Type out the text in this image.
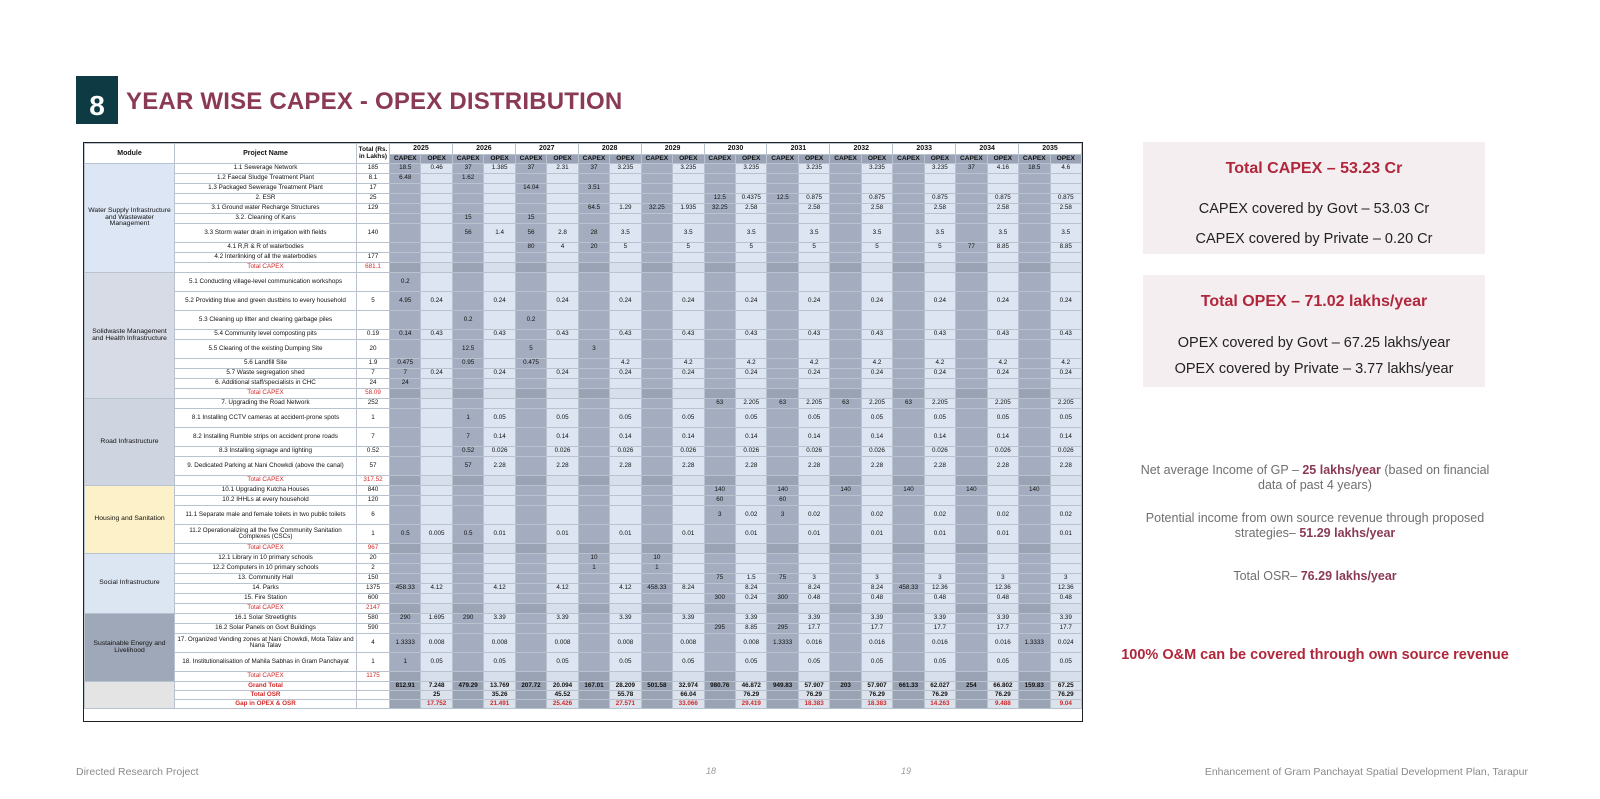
8 YEAR WISE CAPEX - OPEX DISTRIBUTION
Module	Project Name	Total (Rs. in Lakhs)	2025		2026		2027		2028		2029		2030		2031		2032		2033		2034		2035	
			CAPEX	OPEX	CAPEX	OPEX	CAPEX	OPEX	CAPEX	OPEX	CAPEX	OPEX	CAPEX	OPEX	CAPEX	OPEX	CAPEX	OPEX	CAPEX	OPEX	CAPEX	OPEX	CAPEX	OPEX
Water Supply Infrastructure and Wastewater Management	1.1 Sewerage Network	185	18.5	0.46	37	1.385	37	2.31	37	3.235		3.235		3.235		3.235		3.235		3.235	37	4.16	18.5	4.6
	1.2 Faecal Sludge Treatment Plant	8.1	6.48		1.62																			
	1.3 Packaged Sewerage Treatment Plant	17					14.04		3.51															
	2. ESR	25											12.5	0.4375	12.5	0.875		0.875		0.875		0.875		0.875
	3.1 Ground water Recharge Structures	129							64.5	1.29	32.25	1.935	32.25	2.58		2.58		2.58		2.58		2.58		2.58
	3.2. Cleaning of Kans				15		15																	
	3.3 Storm water drain in irrigation with fields	140			56	1.4	56	2.8	28	3.5		3.5		3.5		3.5		3.5		3.5		3.5		3.5
	4.1 R,R & R of waterbodies						80	4	20	5		5		5		5		5		5	77	8.85		8.85
	4.2 Interlinking of all the waterbodies	177																						
	Total CAPEX	681.1																						
Solidwaste Management and Health Infrastructure	5.1 Conducting village-level communication workshops		0.2																					
	5.2 Providing blue and green dustbins to every household	5	4.95	0.24		0.24		0.24		0.24		0.24		0.24		0.24		0.24		0.24		0.24		0.24
	5.3 Cleaning up litter and clearing garbage piles				0.2		0.2																	
	5.4 Community level composting pits	0.19	0.14	0.43		0.43		0.43		0.43		0.43		0.43		0.43		0.43		0.43		0.43		0.43
	5.5 Clearing of the existing Dumping Site	20			12.5		5		3															
	5.6 Landfill Site	1.9	0.475		0.95		0.475			4.2		4.2		4.2		4.2		4.2		4.2		4.2		4.2
	5.7 Waste segregation shed	7	7	0.24		0.24		0.24		0.24		0.24		0.24		0.24		0.24		0.24		0.24		0.24
	6. Additional staff/specialists in CHC	24	24																					
	Total CAPEX	58.09																						
Road Infrastructure	7. Upgrading the Road Network	252											63	2.205	63	2.205	63	2.205	63	2.205		2.205		2.205
	8.1 Installing CCTV cameras at accident-prone spots	1			1	0.05		0.05		0.05		0.05		0.05		0.05		0.05		0.05		0.05		0.05
	8.2 Installing Rumble strips on accident prone roads	7			7	0.14		0.14		0.14		0.14		0.14		0.14		0.14		0.14		0.14		0.14
	8.3 Installing signage and lighting	0.52			0.52	0.026		0.026		0.026		0.026		0.026		0.026		0.026		0.026		0.026		0.026
	9. Dedicated Parking at Nani Chowkdi (above the canal)	57			57	2.28		2.28		2.28		2.28		2.28		2.28		2.28		2.28		2.28		2.28
	Total CAPEX	317.52																						
Housing and Sanitation	10.1 Upgrading Kutcha Houses	840											140		140		140		140		140		140	
	10.2 IHHLs at every household	120											60		60									
	11.1 Separate male and female toilets in two public toilets	6											3	0.02	3	0.02		0.02		0.02		0.02		0.02
	11.2 Operationalizing all the five Community Sanitation Complexes (CSCs)	1	0.5	0.005	0.5	0.01		0.01		0.01		0.01		0.01		0.01		0.01		0.01		0.01		0.01
	Total CAPEX	967																						
Social Infrastructure	12.1 Library in 10 primary schools	20							10		10													
	12.2 Computers in 10 primary schools	2							1		1													
	13. Community Hall	150											75	1.5	75	3		3		3		3		3
	14. Parks	1375	458.33	4.12		4.12		4.12		4.12	458.33	8.24		8.24		8.24		8.24	458.33	12.36		12.36		12.36
	15. Fire Station	600											300	0.24	300	0.48		0.48		0.48		0.48		0.48
	Total CAPEX	2147																						
Sustainable Energy and Livelihood	16.1 Solar Streetlights	580	290	1.695	290	3.39		3.39		3.39		3.39		3.39		3.39		3.39		3.39		3.39		3.39
	16.2 Solar Panels on Govt Buildings	590											295	8.85	295	17.7		17.7		17.7		17.7		17.7
	17. Organized Vending zones at Nani Chowkdi, Mota Talav and Nana Talav	4	1.3333	0.008		0.008		0.008		0.008		0.008		0.008	1.3333	0.016		0.016		0.016		0.016	1.3333	0.024
	18. Institutionalisation of Mahila Sabhas in Gram Panchayat	1	1	0.05		0.05		0.05		0.05		0.05		0.05		0.05		0.05		0.05		0.05		0.05
	Total CAPEX	1175																						
	Grand Total		812.91	7.248	479.29	13.769	207.72	20.094	167.01	28.209	501.58	32.974	980.76	46.872	949.83	57.907	203	57.907	661.33	62.027	254	66.802	159.83	67.25
	Total OSR			25		35.26		45.52		55.78		66.04		76.29		76.29		76.29		76.29		76.29		76.29
	Gap in OPEX & OSR			17.752		21.491		25.426		27.571		33.066		29.419		18.383		18.383		14.263		9.488		9.04
Total CAPEX – 53.23 Cr
CAPEX covered by Govt – 53.03 Cr
CAPEX covered by Private – 0.20 Cr
Total OPEX – 71.02 lakhs/year
OPEX covered by Govt – 67.25 lakhs/year
OPEX covered by Private – 3.77 lakhs/year
Net average Income of GP – 25 lakhs/year (based on financial data of past 4 years)
Potential income from own source revenue through proposed strategies– 51.29 lakhs/year
Total OSR– 76.29 lakhs/year
100% O&M can be covered through own source revenue
Directed Research Project	18	19	Enhancement of Gram Panchayat Spatial Development Plan, Tarapur
